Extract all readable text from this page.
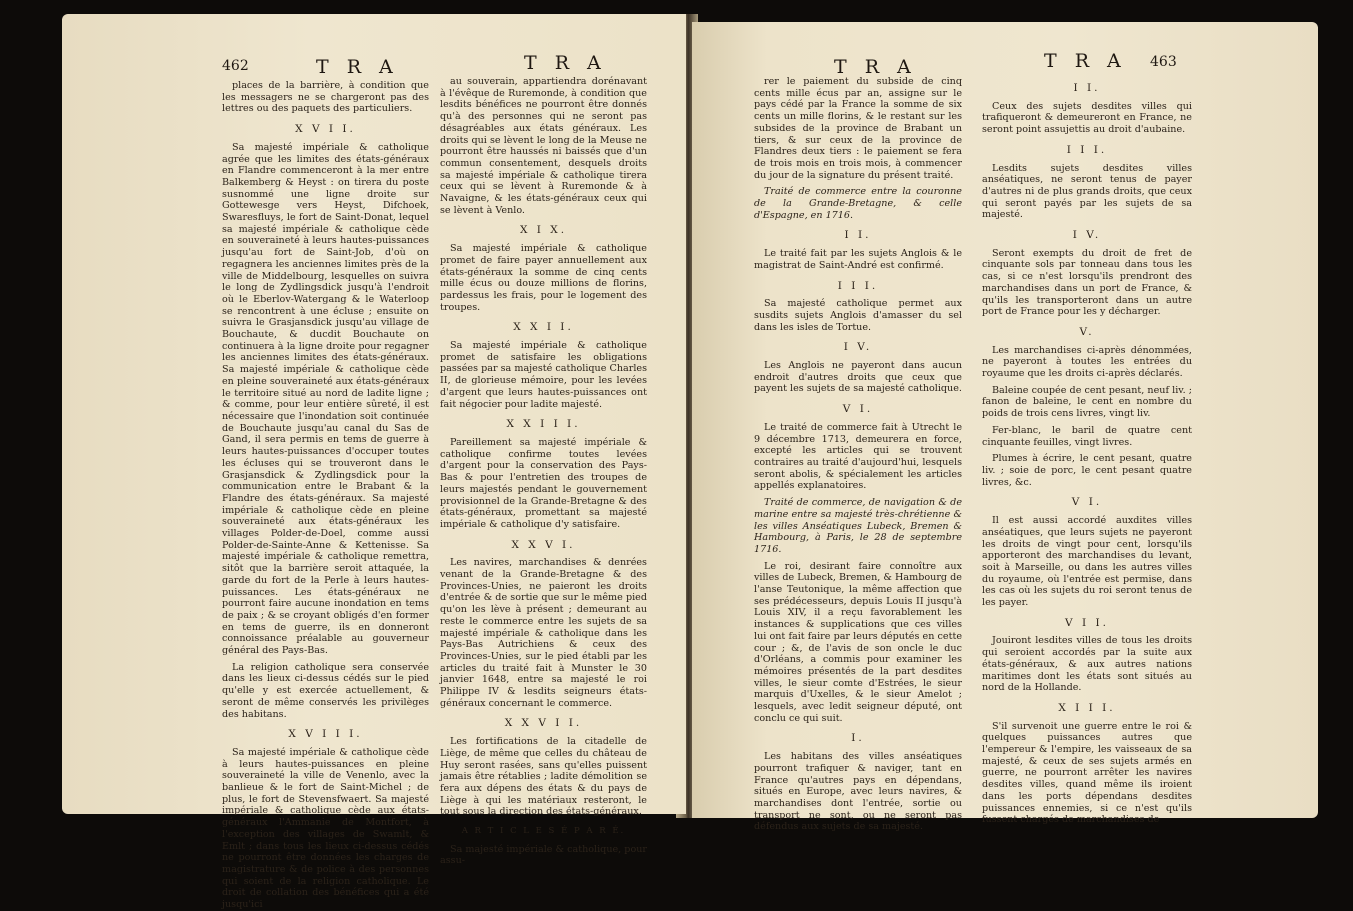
462	T R A	T R A

places de la barrière, à condition que les messagers ne se chargeront pas des lettres ou des paquets des particuliers.

X V I I.

Sa majesté impériale & catholique agrée que les limites des états-généraux en Flandre commenceront à la mer entre Balkemberg & Heyst : on tirera du poste susnommé une ligne droite sur Gottewesge vers Heyst, Difchoek, Swaresfluys, le fort de Saint-Donat, lequel sa majesté impériale & catholique cède en souveraineté à leurs hautes-puissances jusqu'au fort de Saint-Job, d'où on regagnera les anciennes limites près de la ville de Middelbourg, lesquelles on suivra le long de Zydlingsdick jusqu'à l'endroit où le Eberlov-Watergang & le Waterloop se rencontrent à une écluse ; ensuite on suivra le Grasjansdick jusqu'au village de Bouchaute, & ducdit Bouchaute on continuera à la ligne droite pour regagner les anciennes limites des états-généraux. Sa majesté impériale & catholique cède en pleine souveraineté aux états-généraux le territoire situé au nord de ladite ligne ; & comme, pour leur entière sûreté, il est nécessaire que l'inondation soit continuée de Bouchaute jusqu'au canal du Sas de Gand, il sera permis en tems de guerre à leurs hautes-puissances d'occuper toutes les écluses qui se trouveront dans le Grasjansdick & Zydlingsdick pour la communication entre le Brabant & la Flandre des états-généraux. Sa majesté impériale & catholique cède en pleine souveraineté aux états-généraux les villages Polder-de-Doel, comme aussi Polder-de-Sainte-Anne & Kettenisse. Sa majesté impériale & catholique remettra, sitôt que la barrière seroit attaquée, la garde du fort de la Perle à leurs hautes-puissances. Les états-généraux ne pourront faire aucune inondation en tems de paix ; & se croyant obligés d'en former en tems de guerre, ils en donneront connoissance préalable au gouverneur général des Pays-Bas.

La religion catholique sera conservée dans les lieux ci-dessus cédés sur le pied qu'elle y est exercée actuellement, & seront de même conservés les privilèges des habitans.

X V I I I.

Sa majesté impériale & catholique cède à leurs hautes-puissances en pleine souveraineté la ville de Venenlo, avec la banlieue & le fort de Saint-Michel ; de plus, le fort de Stevensfwaert. Sa majesté impériale & catholique cède aux états-généraux l'Ammanie de Montfort, à l'exception des villages de Swamlt, & Emlt ; dans tous les lieux ci-dessus cédés ne pourront être données les charges de magistrature & de police à des personnes qui soient de la religion catholique. Le droit de collation des bénéfices qui a été jusqu'ici

au souverain, appartiendra dorénavant à l'évêque de Ruremonde, à condition que lesdits bénéfices ne pourront être donnés qu'à des personnes qui ne seront pas désagréables aux états généraux. Les droits qui se lèvent le long de la Meuse ne pourront être haussés ni baissés que d'un commun consentement, desquels droits sa majesté impériale & catholique tirera ceux qui se lèvent à Ruremonde & à Navaigne, & les états-généraux ceux qui se lèvent à Venlo.

X I X.

Sa majesté impériale & catholique promet de faire payer annuellement aux états-généraux la somme de cinq cents mille écus ou douze millions de florins, pardessus les frais, pour le logement des troupes.

X X I I.

Sa majesté impériale & catholique promet de satisfaire les obligations passées par sa majesté catholique Charles II, de glorieuse mémoire, pour les levées d'argent que leurs hautes-puissances ont fait négocier pour ladite majesté.

X X I I I.

Pareillement sa majesté impériale & catholique confirme toutes levées d'argent pour la conservation des Pays-Bas & pour l'entretien des troupes de leurs majestés pendant le gouvernement provisionnel de la Grande-Bretagne & des états-généraux, promettant sa majesté impériale & catholique d'y satisfaire.

X X V I.

Les navires, marchandises & denrées venant de la Grande-Bretagne & des Provinces-Unies, ne paieront les droits d'entrée & de sortie que sur le même pied qu'on les lève à présent ; demeurant au reste le commerce entre les sujets de sa majesté impériale & catholique dans les Pays-Bas Autrichiens & ceux des Provinces-Unies, sur le pied établi par les articles du traité fait à Munster le 30 janvier 1648, entre sa majesté le roi Philippe IV & lesdits seigneurs états-généraux concernant le commerce.

X X V I I.

Les fortifications de la citadelle de Liège, de même que celles du château de Huy seront rasées, sans qu'elles puissent jamais être rétablies ; ladite démolition se fera aux dépens des états & du pays de Liège à qui les matériaux resteront, le tout sous la direction des états-généraux.

A R T I C L E S É P A R É.

Sa majesté impériale & catholique, pour assu-

T R A	T R A 463

rer le paiement du subside de cinq cents mille écus par an, assigne sur le pays cédé par la France la somme de six cents un mille florins, & le restant sur les subsides de la province de Brabant un tiers, & sur ceux de la province de Flandres deux tiers : le paiement se fera de trois mois en trois mois, à commencer du jour de la signature du présent traité.

Traité de commerce entre la couronne de la Grande-Bretagne, & celle d'Espagne, en 1716.

I I.

Le traité fait par les sujets Anglois & le magistrat de Saint-André est confirmé.

I I I.

Sa majesté catholique permet aux susdits sujets Anglois d'amasser du sel dans les isles de Tortue.

I V.

Les Anglois ne payeront dans aucun endroit d'autres droits que ceux que payent les sujets de sa majesté catholique.

V I.

Le traité de commerce fait à Utrecht le 9 décembre 1713, demeurera en force, excepté les articles qui se trouvent contraires au traité d'aujourd'hui, lesquels seront abolis, & spécialement les articles appellés explanatoires.

Traité de commerce, de navigation & de marine entre sa majesté très-chrétienne & les villes Anséatiques Lubeck, Bremen & Hambourg, à Paris, le 28 de septembre 1716.

Le roi, desirant faire connoître aux villes de Lubeck, Bremen, & Hambourg de l'anse Teutonique, la même affection que ses prédécesseurs, depuis Louis II jusqu'à Louis XIV, il a reçu favorablement les instances & supplications que ces villes lui ont fait faire par leurs députés en cette cour ; &, de l'avis de son oncle le duc d'Orléans, a commis pour examiner les mémoires présentés de la part desdites villes, le sieur comte d'Estrées, le sieur marquis d'Uxelles, & le sieur Amelot ; lesquels, avec ledit seigneur député, ont conclu ce qui suit.

I.

Les habitans des villes anséatiques pourront trafiquer & naviger, tant en France qu'autres pays en dépendans, situés en Europe, avec leurs navires, & marchandises dont l'entrée, sortie ou transport ne sont, ou ne seront pas défendus aux sujets de sa majesté.

I I.

Ceux des sujets desdites villes qui trafiqueront & demeureront en France, ne seront point assujettis au droit d'aubaine.

I I I.

Lesdits sujets desdites villes anséatiques, ne seront tenus de payer d'autres ni de plus grands droits, que ceux qui seront payés par les sujets de sa majesté.

I V.

Seront exempts du droit de fret de cinquante sols par tonneau dans tous les cas, si ce n'est lorsqu'ils prendront des marchandises dans un port de France, & qu'ils les transporteront dans un autre port de France pour les y décharger.

V.

Les marchandises ci-après dénommées, ne payeront à toutes les entrées du royaume que les droits ci-après déclarés.

Baleine coupée de cent pesant, neuf liv. ; fanon de baleine, le cent en nombre du poids de trois cens livres, vingt liv.

Fer-blanc, le baril de quatre cent cinquante feuilles, vingt livres.

Plumes à écrire, le cent pesant, quatre liv. ; soie de porc, le cent pesant quatre livres, &c.

V I.

Il est aussi accordé auxdites villes anséatiques, que leurs sujets ne payeront les droits de vingt pour cent, lorsqu'ils apporteront des marchandises du levant, soit à Marseille, ou dans les autres villes du royaume, où l'entrée est permise, dans les cas où les sujets du roi seront tenus de les payer.

V I I.

Jouiront lesdites villes de tous les droits qui seroient accordés par la suite aux états-généraux, & aux autres nations maritimes dont les états sont situés au nord de la Hollande.

X I I I.

S'il survenoit une guerre entre le roi & quelques puissances autres que l'empereur & l'empire, les vaisseaux de sa majesté, & ceux de ses sujets armés en guerre, ne pourront arrêter les navires desdites villes, quand même ils iroient dans les ports dépendans desdites puissances ennemies, si ce n'est qu'ils fussent chargés de marchandises de
